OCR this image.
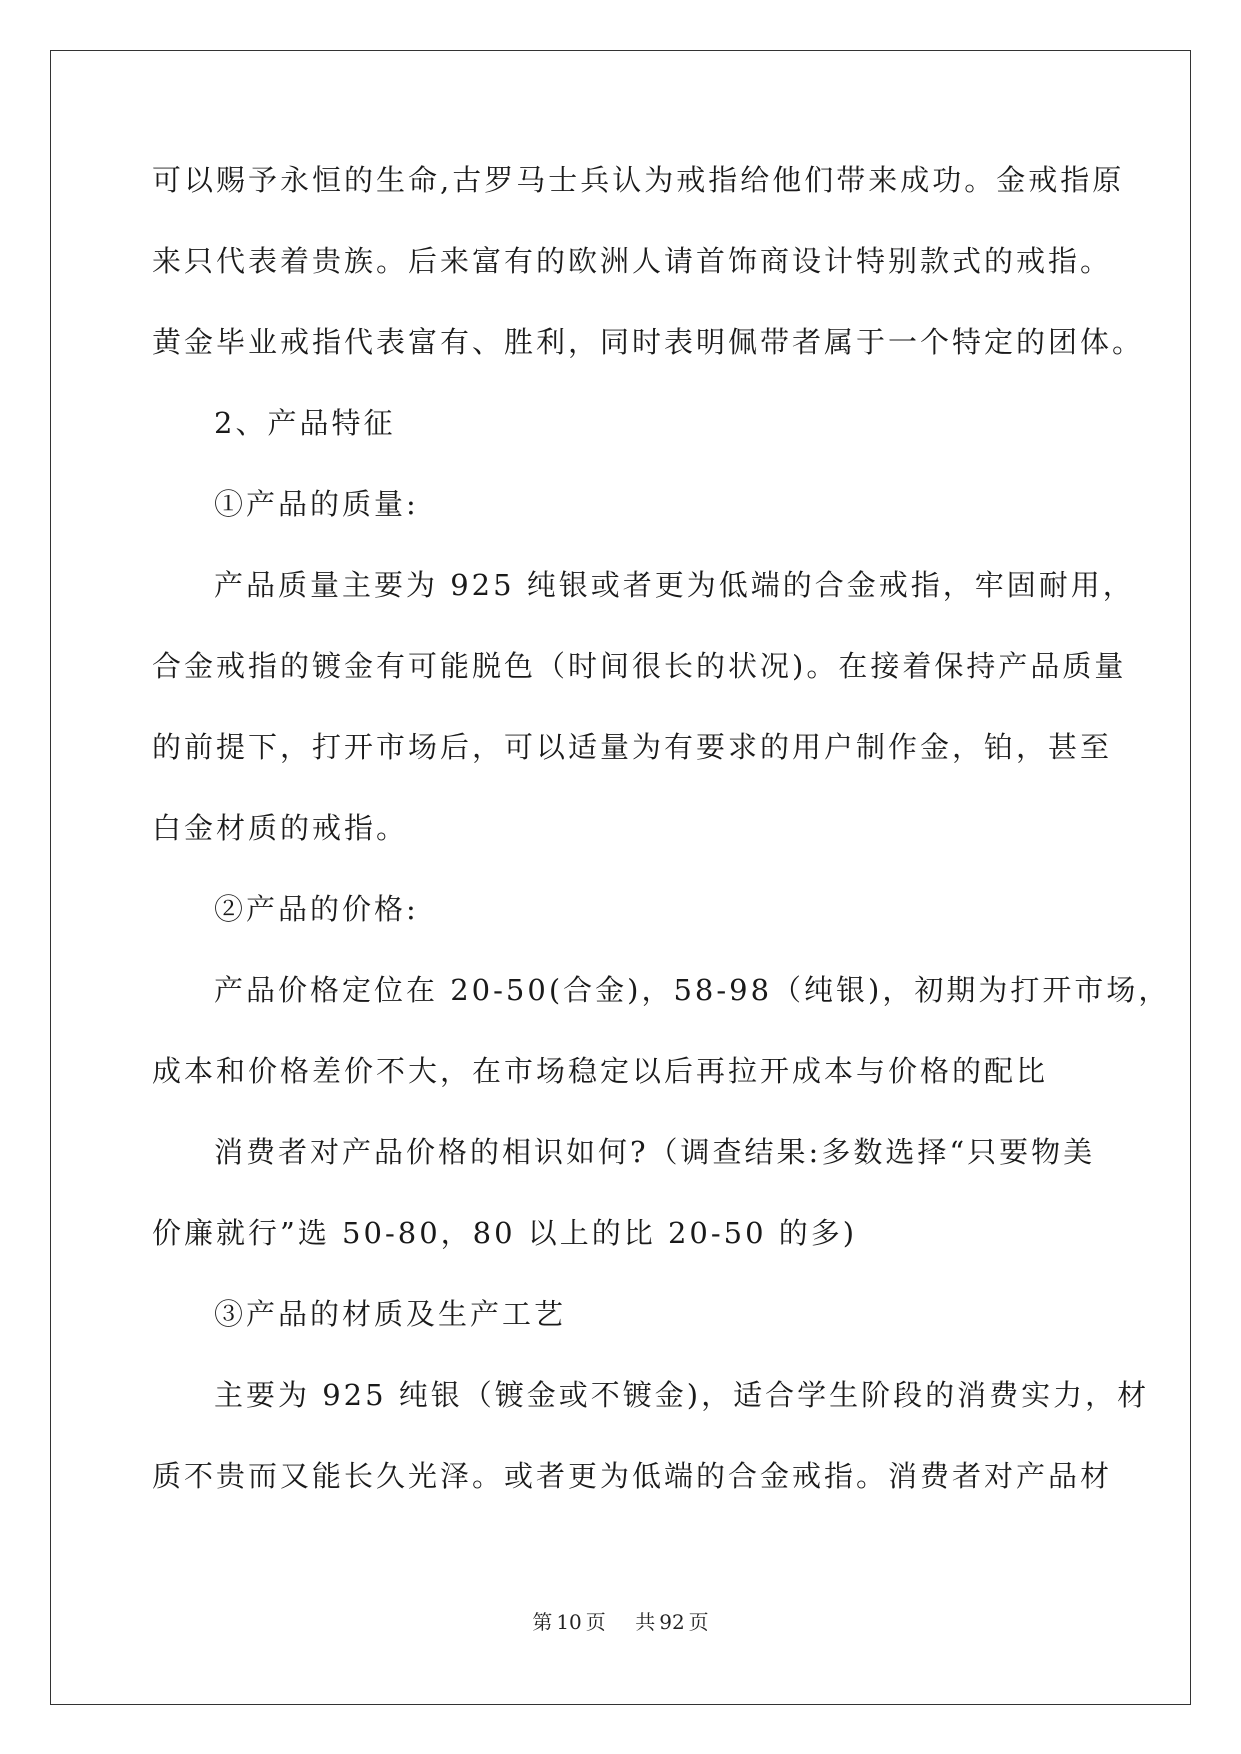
可以赐予永恒的生命,古罗马士兵认为戒指给他们带来成功。金戒指原
来只代表着贵族。后来富有的欧洲人请首饰商设计特别款式的戒指。
黄金毕业戒指代表富有、胜利，同时表明佩带者属于一个特定的团体。
2、产品特征
①产品的质量:
产品质量主要为 925 纯银或者更为低端的合金戒指，牢固耐用，
合金戒指的镀金有可能脱色（时间很长的状况)。在接着保持产品质量
的前提下，打开市场后，可以适量为有要求的用户制作金，铂，甚至
白金材质的戒指。
②产品的价格:
产品价格定位在 20-50(合金)，58-98（纯银)，初期为打开市场，
成本和价格差价不大，在市场稳定以后再拉开成本与价格的配比
消费者对产品价格的相识如何?（调查结果:多数选择“只要物美
价廉就行”选 50-80，80 以上的比 20-50 的多)
③产品的材质及生产工艺
主要为 925 纯银（镀金或不镀金)，适合学生阶段的消费实力，材
质不贵而又能长久光泽。或者更为低端的合金戒指。消费者对产品材
第 10 页 共 92 页
